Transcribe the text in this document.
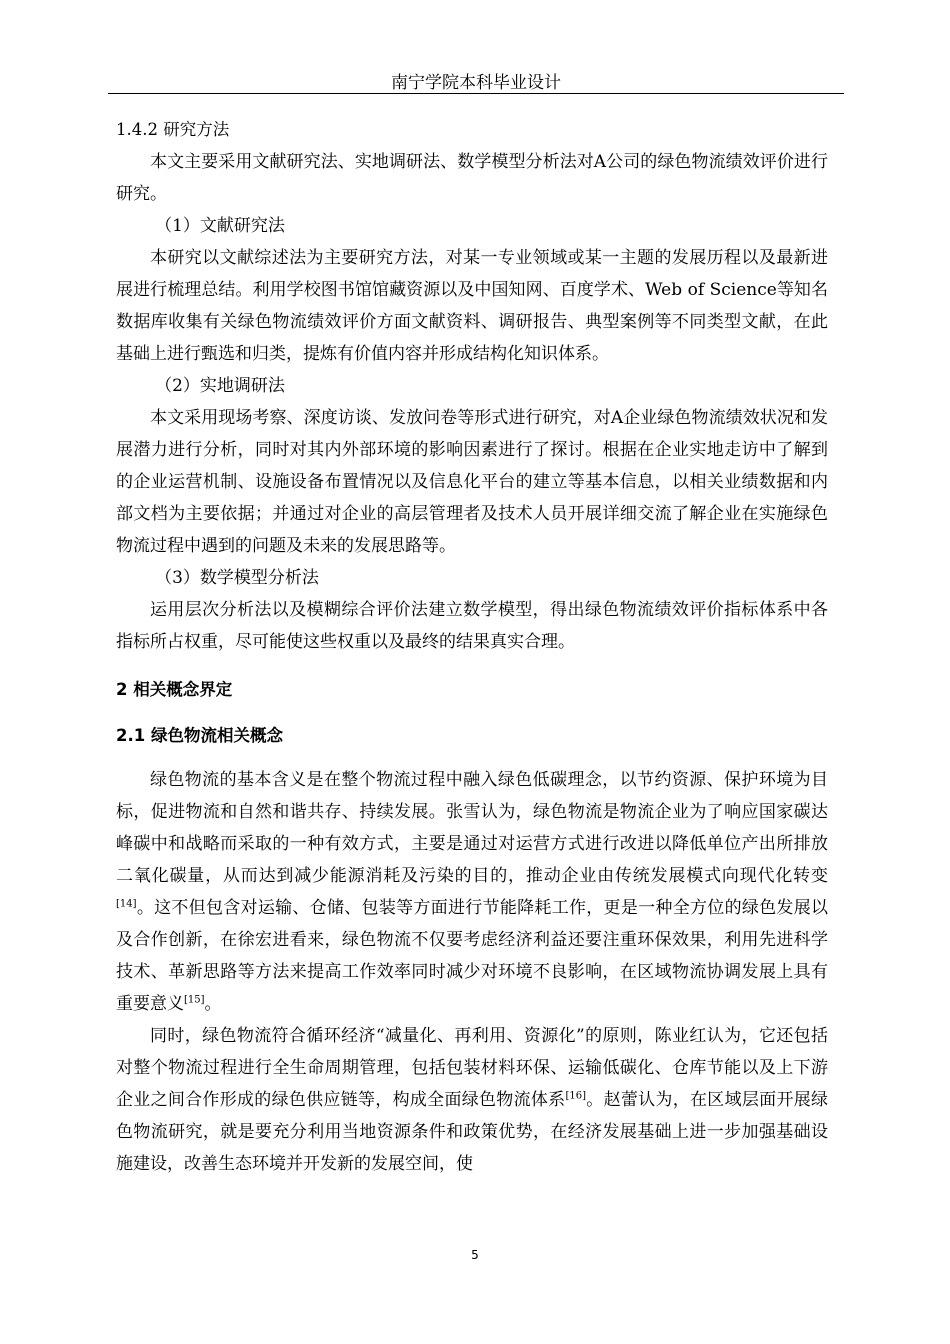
南宁学院本科毕业设计

1.4.2 研究方法

本文主要采用文献研究法、实地调研法、数学模型分析法对A公司的绿色物流绩效评价进行研究。

（1）文献研究法

本研究以文献综述法为主要研究方法，对某一专业领域或某一主题的发展历程以及最新进展进行梳理总结。利用学校图书馆馆藏资源以及中国知网、百度学术、Web of Science等知名数据库收集有关绿色物流绩效评价方面文献资料、调研报告、典型案例等不同类型文献，在此基础上进行甄选和归类，提炼有价值内容并形成结构化知识体系。

（2）实地调研法

本文采用现场考察、深度访谈、发放问卷等形式进行研究，对A企业绿色物流绩效状况和发展潜力进行分析，同时对其内外部环境的影响因素进行了探讨。根据在企业实地走访中了解到的企业运营机制、设施设备布置情况以及信息化平台的建立等基本信息，以相关业绩数据和内部文档为主要依据；并通过对企业的高层管理者及技术人员开展详细交流了解企业在实施绿色物流过程中遇到的问题及未来的发展思路等。

（3）数学模型分析法

运用层次分析法以及模糊综合评价法建立数学模型，得出绿色物流绩效评价指标体系中各指标所占权重，尽可能使这些权重以及最终的结果真实合理。

2 相关概念界定

2.1 绿色物流相关概念

绿色物流的基本含义是在整个物流过程中融入绿色低碳理念，以节约资源、保护环境为目标，促进物流和自然和谐共存、持续发展。张雪认为，绿色物流是物流企业为了响应国家碳达峰碳中和战略而采取的一种有效方式，主要是通过对运营方式进行改进以降低单位产出所排放二氧化碳量，从而达到减少能源消耗及污染的目的，推动企业由传统发展模式向现代化转变[14]。这不但包含对运输、仓储、包装等方面进行节能降耗工作，更是一种全方位的绿色发展以及合作创新，在徐宏进看来，绿色物流不仅要考虑经济利益还要注重环保效果，利用先进科学技术、革新思路等方法来提高工作效率同时减少对环境不良影响，在区域物流协调发展上具有重要意义[15]。

同时，绿色物流符合循环经济“减量化、再利用、资源化”的原则，陈业红认为，它还包括对整个物流过程进行全生命周期管理，包括包装材料环保、运输低碳化、仓库节能以及上下游企业之间合作形成的绿色供应链等，构成全面绿色物流体系[16]。赵蕾认为，在区域层面开展绿色物流研究，就是要充分利用当地资源条件和政策优势，在经济发展基础上进一步加强基础设施建设，改善生态环境并开发新的发展空间，使

5
